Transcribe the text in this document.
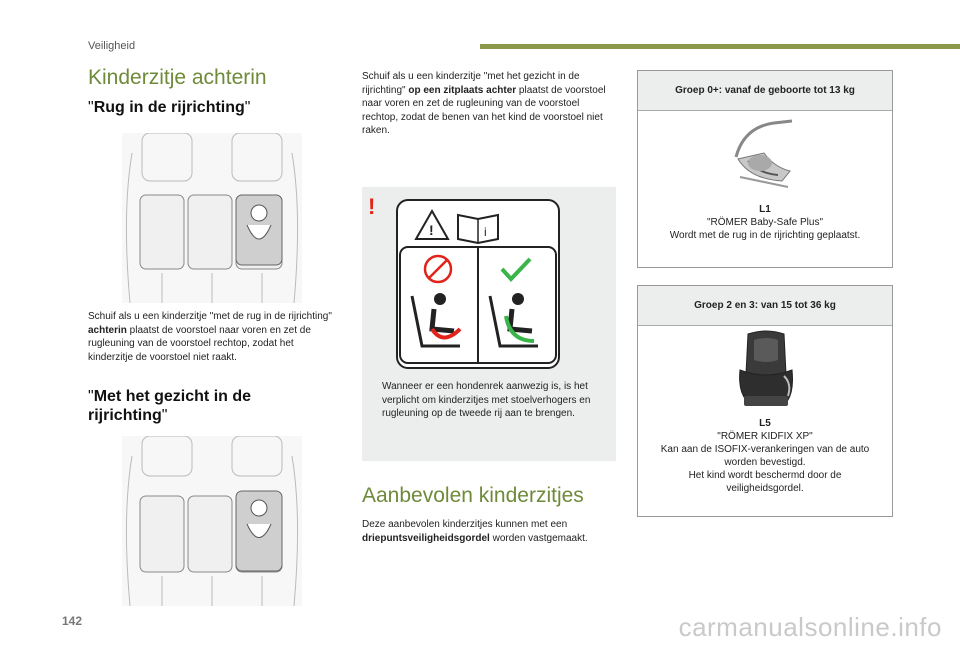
Veiligheid
Kinderzitje achterin
"Rug in de rijrichting"
Schuif als u een kinderzitje "met de rug in de rijrichting" achterin plaatst de voorstoel naar voren en zet de rugleuning van de voorstoel rechtop, zodat het kinderzitje de voorstoel niet raakt.
"Met het gezicht in de
rijrichting"
Schuif als u een kinderzitje "met het gezicht in de rijrichting" op een zitplaats achter plaatst de voorstoel naar voren en zet de rugleuning van de voorstoel rechtop, zodat de benen van het kind de voorstoel niet raken.
!
!	i
Wanneer er een hondenrek aanwezig is, is het verplicht om kinderzitjes met stoelverhogers en rugleuning op de tweede rij aan te brengen.
Aanbevolen kinderzitjes
Deze aanbevolen kinderzitjes kunnen met een driepuntsveiligheidsgordel worden vastgemaakt.
Groep 0+: vanaf de geboorte tot 13 kg
L1
"RÖMER Baby-Safe Plus"
Wordt met de rug in de rijrichting geplaatst.
Groep 2 en 3: van 15 tot 36 kg
L5
"RÖMER KIDFIX XP"
Kan aan de ISOFIX-verankeringen van de auto worden bevestigd.
Het kind wordt beschermd door de veiligheidsgordel.
142	carmanualsonline.info
